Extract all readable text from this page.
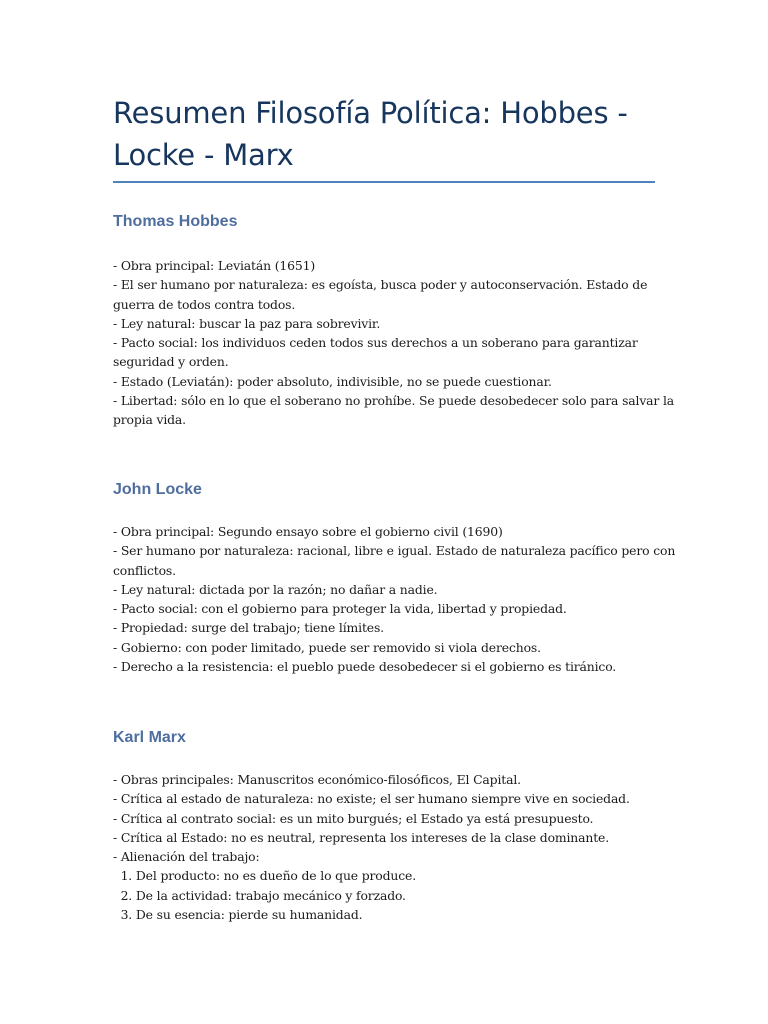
Resumen Filosofía Política: Hobbes -
Locke - Marx
Thomas Hobbes
- Obra principal: Leviatán (1651)
- El ser humano por naturaleza: es egoísta, busca poder y autoconservación. Estado de
guerra de todos contra todos.
- Ley natural: buscar la paz para sobrevivir.
- Pacto social: los individuos ceden todos sus derechos a un soberano para garantizar
seguridad y orden.
- Estado (Leviatán): poder absoluto, indivisible, no se puede cuestionar.
- Libertad: sólo en lo que el soberano no prohíbe. Se puede desobedecer solo para salvar la
propia vida.
John Locke
- Obra principal: Segundo ensayo sobre el gobierno civil (1690)
- Ser humano por naturaleza: racional, libre e igual. Estado de naturaleza pacífico pero con
conflictos.
- Ley natural: dictada por la razón; no dañar a nadie.
- Pacto social: con el gobierno para proteger la vida, libertad y propiedad.
- Propiedad: surge del trabajo; tiene límites.
- Gobierno: con poder limitado, puede ser removido si viola derechos.
- Derecho a la resistencia: el pueblo puede desobedecer si el gobierno es tiránico.
Karl Marx
- Obras principales: Manuscritos económico-filosóficos, El Capital.
- Crítica al estado de naturaleza: no existe; el ser humano siempre vive en sociedad.
- Crítica al contrato social: es un mito burgués; el Estado ya está presupuesto.
- Crítica al Estado: no es neutral, representa los intereses de la clase dominante.
- Alienación del trabajo:
1. Del producto: no es dueño de lo que produce.
2. De la actividad: trabajo mecánico y forzado.
3. De su esencia: pierde su humanidad.
